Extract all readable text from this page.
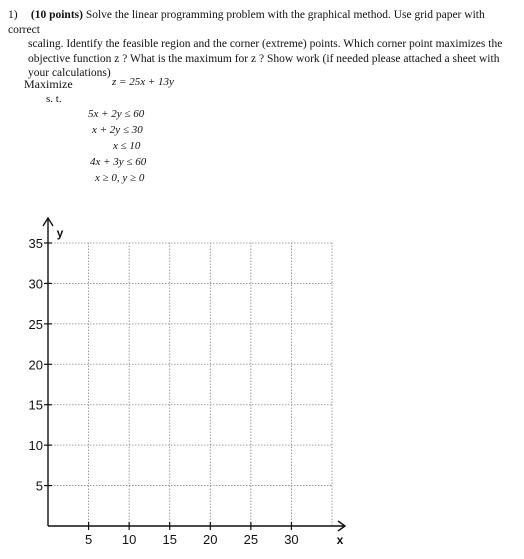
1) (10 points) Solve the linear programming problem with the graphical method. Use grid paper with correct
scaling. Identify the feasible region and the corner (extreme) points. Which corner point maximizes the
objective function z ? What is the maximum for z ? Show work (if needed please attached a sheet with
your calculations)
Maximize	z = 25x + 13y
s. t.
5x + 2y ≤ 60
x + 2y ≤ 30
x ≤ 10
4x + 3y ≤ 60
x ≥ 0, y ≥ 0
5 10 15 20 25 30
35
30
25
20
15
10
5
x
y
